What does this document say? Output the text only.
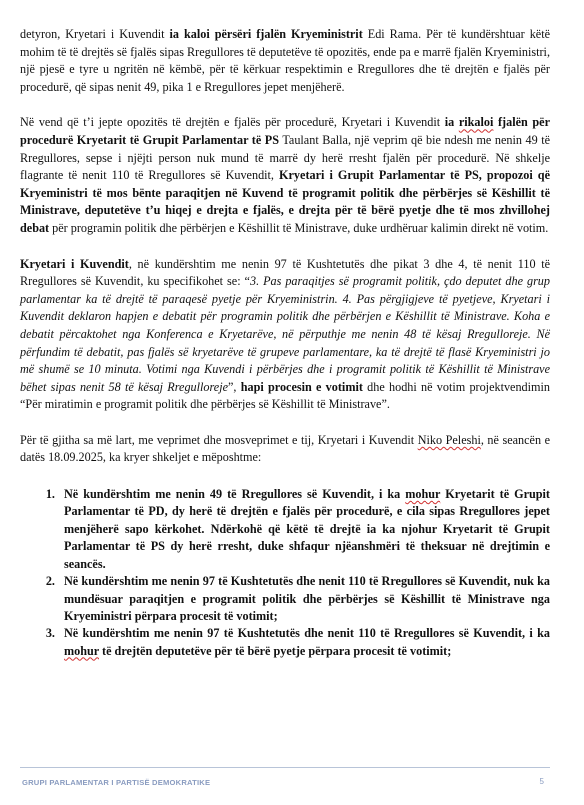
detyron, Kryetari i Kuvendit ia kaloi përsëri fjalën Kryeministrit Edi Rama. Për të kundërshtuar këtë mohim të të drejtës së fjalës sipas Rregullores të deputetëve të opozitës, ende pa e marrë fjalën Kryeministri, një pjesë e tyre u ngritën në këmbë, për të kërkuar respektimin e Rregullores dhe të drejtën e fjalës për procedurë, që sipas nenit 49, pika 1 e Rregullores jepet menjëherë.

Në vend që t’i jepte opozitës të drejtën e fjalës për procedurë, Kryetari i Kuvendit ia rikaloi fjalën për procedurë Kryetarit të Grupit Parlamentar të PS Taulant Balla, një veprim që bie ndesh me nenin 49 të Rregullores, sepse i njëjti person nuk mund të marrë dy herë rresht fjalën për procedurë. Në shkelje flagrante të nenit 110 të Rregullores së Kuvendit, Kryetari i Grupit Parlamentar të PS, propozoi që Kryeministri të mos bënte paraqitjen në Kuvend të programit politik dhe përbërjes së Këshillit të Ministrave, deputetëve t’u hiqej e drejta e fjalës, e drejta për të bërë pyetje dhe të mos zhvillohej debat për programin politik dhe përbërjen e Këshillit të Ministrave, duke urdhëruar kalimin direkt në votim.

Kryetari i Kuvendit, në kundërshtim me nenin 97 të Kushtetutës dhe pikat 3 dhe 4, të nenit 110 të Rregullores së Kuvendit, ku specifikohet se: “3. Pas paraqitjes së programit politik, çdo deputet dhe grup parlamentar ka të drejtë të paraqesë pyetje për Kryeministrin. 4. Pas përgjigjeve të pyetjeve, Kryetari i Kuvendit deklaron hapjen e debatit për programin politik dhe përbërjen e Këshillit të Ministrave. Koha e debatit përcaktohet nga Konferenca e Kryetarëve, në përputhje me nenin 48 të kësaj Rregulloreje. Në përfundim të debatit, pas fjalës së kryetarëve të grupeve parlamentare, ka të drejtë të flasë Kryeministri jo më shumë se 10 minuta. Votimi nga Kuvendi i përbërjes dhe i programit politik të Këshillit të Ministrave bëhet sipas nenit 58 të kësaj Rregulloreje”, hapi procesin e votimit dhe hodhi në votim projektvendimin “Për miratimin e programit politik dhe përbërjes së Këshillit të Ministrave”.

Për të gjitha sa më lart, me veprimet dhe mosveprimet e tij, Kryetari i Kuvendit Niko Peleshi, në seancën e datës 18.09.2025, ka kryer shkeljet e mëposhtme:

1. Në kundërshtim me nenin 49 të Rregullores së Kuvendit, i ka mohur Kryetarit të Grupit Parlamentar të PD, dy herë të drejtën e fjalës për procedurë, e cila sipas Rregullores jepet menjëherë sapo kërkohet. Ndërkohë që këtë të drejtë ia ka njohur Kryetarit të Grupit Parlamentar të PS dy herë rresht, duke shfaqur njëanshmëri të theksuar në drejtimin e seancës.
2. Në kundërshtim me nenin 97 të Kushtetutës dhe nenit 110 të Rregullores së Kuvendit, nuk ka mundësuar paraqitjen e programit politik dhe përbërjes së Këshillit të Ministrave nga Kryeministri përpara procesit të votimit;
3. Në kundërshtim me nenin 97 të Kushtetutës dhe nenit 110 të Rregullores së Kuvendit, i ka mohur të drejtën deputetëve për të bërë pyetje përpara procesit të votimit;
GRUPI PARLAMENTAR I PARTISË DEMOKRATIKE	5
